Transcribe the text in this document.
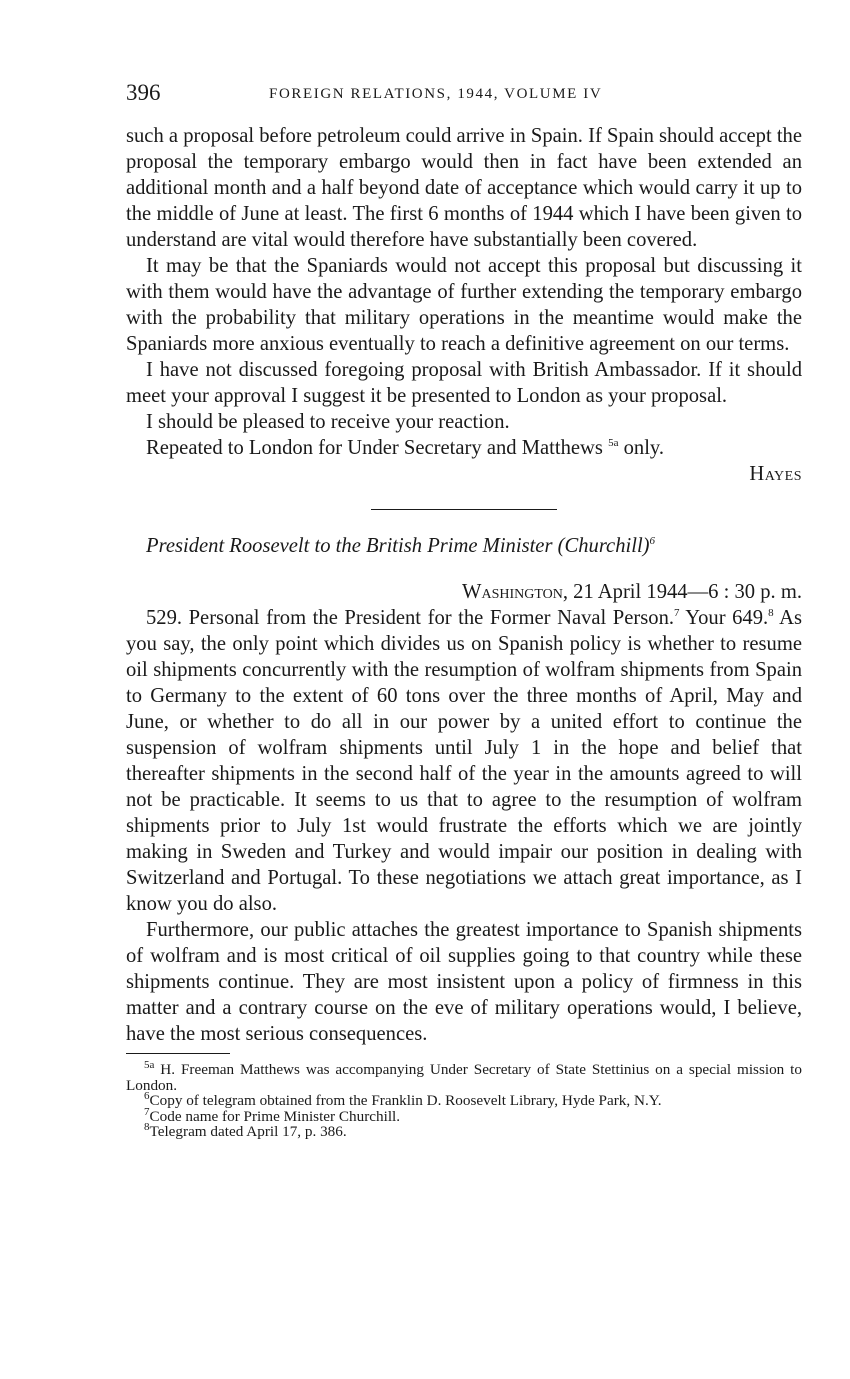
396	FOREIGN RELATIONS, 1944, VOLUME IV

such a proposal before petroleum could arrive in Spain. If Spain should accept the proposal the temporary embargo would then in fact have been extended an additional month and a half beyond date of acceptance which would carry it up to the middle of June at least. The first 6 months of 1944 which I have been given to understand are vital would therefore have substantially been covered.

It may be that the Spaniards would not accept this proposal but discussing it with them would have the advantage of further extending the temporary embargo with the probability that military operations in the meantime would make the Spaniards more anxious eventually to reach a definitive agreement on our terms.

I have not discussed foregoing proposal with British Ambassador. If it should meet your approval I suggest it be presented to London as your proposal.

I should be pleased to receive your reaction.

Repeated to London for Under Secretary and Matthews $^{5a}$ only.

Hayes

President Roosevelt to the British Prime Minister (Churchill)$^6$

Washington, 21 April 1944—6 : 30 p. m.

529. Personal from the President for the Former Naval Person.$^7$ Your 649.$^8$ As you say, the only point which divides us on Spanish policy is whether to resume oil shipments concurrently with the resumption of wolfram shipments from Spain to Germany to the extent of 60 tons over the three months of April, May and June, or whether to do all in our power by a united effort to continue the suspension of wolfram shipments until July 1 in the hope and belief that thereafter shipments in the second half of the year in the amounts agreed to will not be practicable. It seems to us that to agree to the resumption of wolfram shipments prior to July 1st would frustrate the efforts which we are jointly making in Sweden and Turkey and would impair our position in dealing with Switzerland and Portugal. To these negotiations we attach great importance, as I know you do also.

Furthermore, our public attaches the greatest importance to Spanish shipments of wolfram and is most critical of oil supplies going to that country while these shipments continue. They are most insistent upon a policy of firmness in this matter and a contrary course on the eve of military operations would, I believe, have the most serious consequences.

$^{5a}$ H. Freeman Matthews was accompanying Under Secretary of State Stettinius on a special mission to London.

$^6$Copy of telegram obtained from the Franklin D. Roosevelt Library, Hyde Park, N.Y.

$^7$Code name for Prime Minister Churchill.

$^8$Telegram dated April 17, p. 386.
